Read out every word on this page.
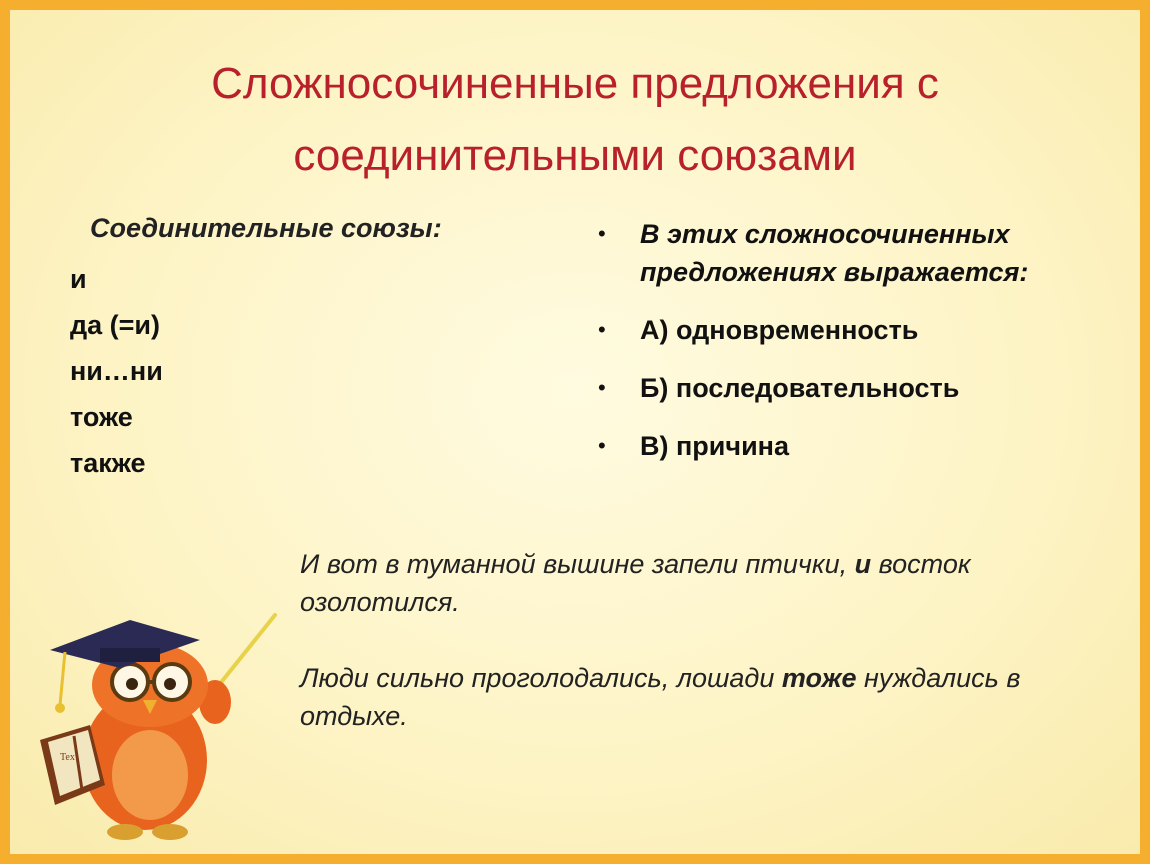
Сложносочиненные предложения с
соединительными союзами
Соединительные союзы:
и
да (=и)
ни…ни
тоже
также
•	В этих сложносочиненных предложениях выражается:
•	А) одновременность
•	Б) последовательность
•	В) причина

И вот в туманной вышине запели птички, и восток озолотился.

Люди сильно проголодались, лошади тоже нуждались в отдыхе.

Tex
